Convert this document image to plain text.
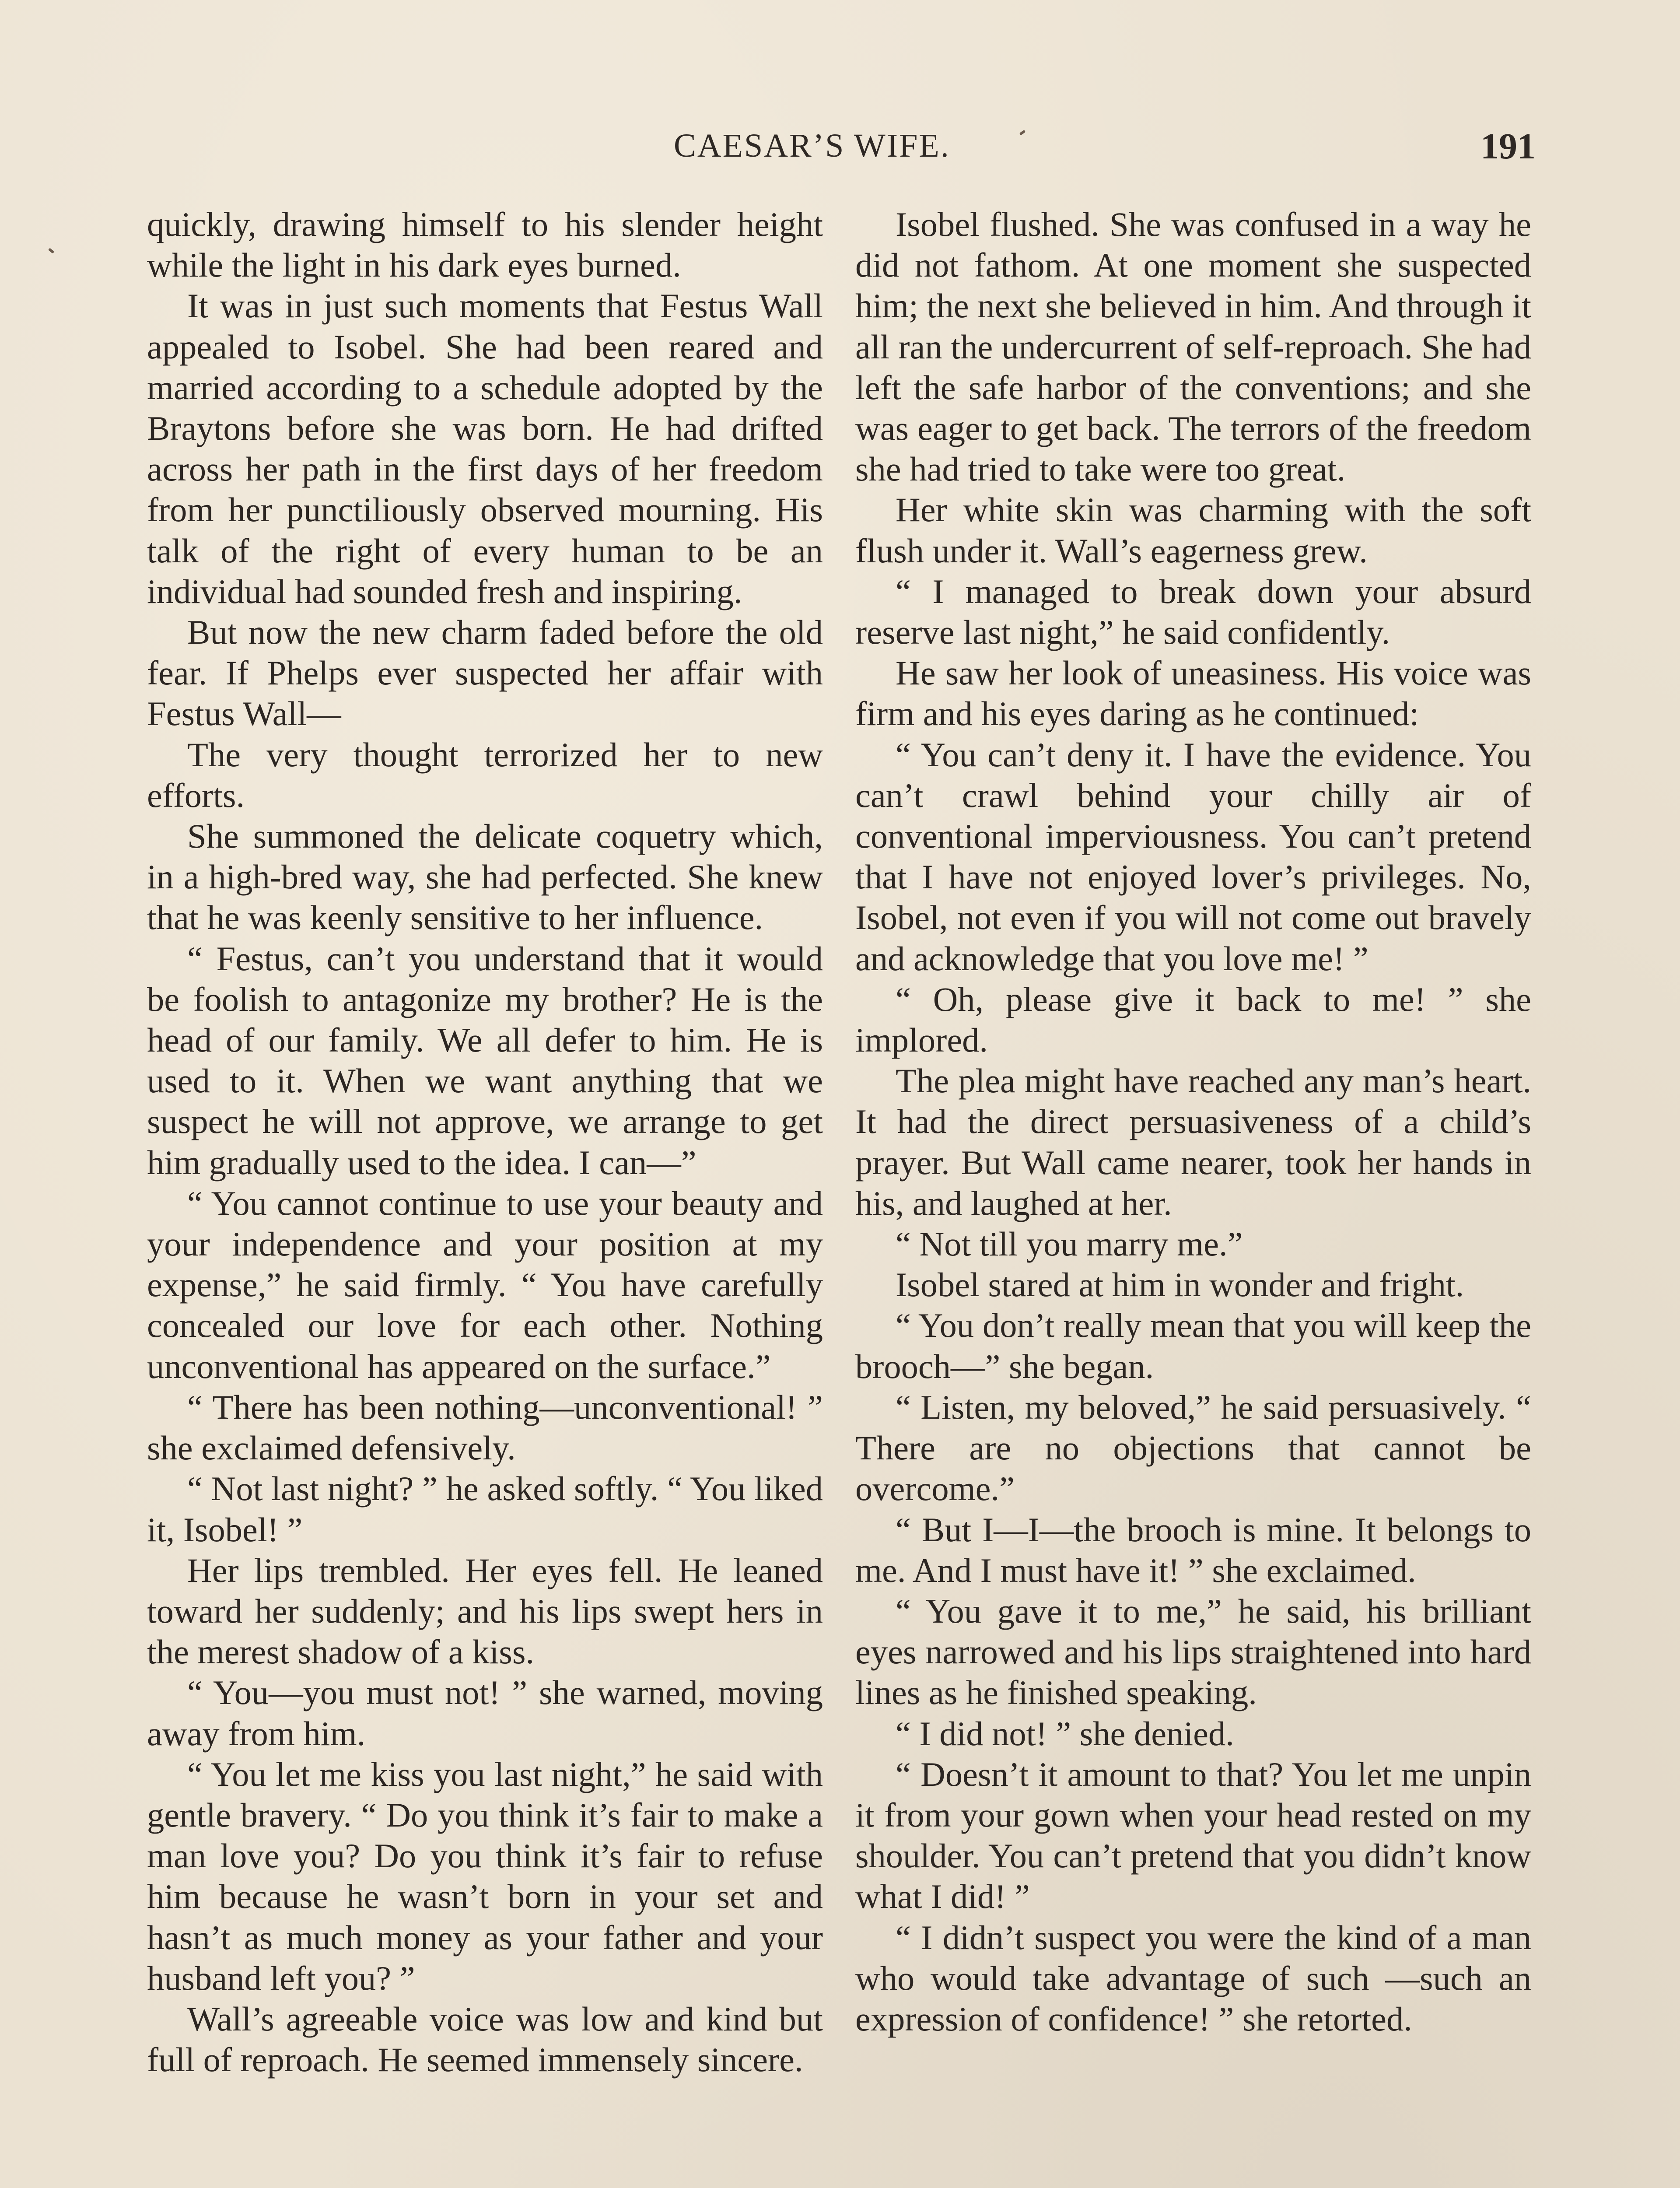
CAESAR’S WIFE.	191

quickly, drawing himself to his slender height while the light in his dark eyes burned.

It was in just such moments that Festus Wall appealed to Isobel. She had been reared and married according to a schedule adopted by the Braytons before she was born. He had drifted across her path in the first days of her freedom from her punctiliously observed mourning. His talk of the right of every human to be an individual had sounded fresh and inspiring.

But now the new charm faded before the old fear. If Phelps ever suspected her affair with Festus Wall—

The very thought terrorized her to new efforts.

She summoned the delicate coquetry which, in a high-bred way, she had perfected. She knew that he was keenly sensitive to her influence.

“ Festus, can’t you understand that it would be foolish to antagonize my brother? He is the head of our family. We all defer to him. He is used to it. When we want anything that we suspect he will not approve, we arrange to get him gradually used to the idea. I can—”

“ You cannot continue to use your beauty and your independence and your position at my expense,” he said firmly. “ You have carefully concealed our love for each other. Nothing unconventional has appeared on the surface.”

“ There has been nothing—unconventional! ” she exclaimed defensively.

“ Not last night? ” he asked softly. “ You liked it, Isobel! ”

Her lips trembled. Her eyes fell. He leaned toward her suddenly; and his lips swept hers in the merest shadow of a kiss.

“ You—you must not! ” she warned, moving away from him.

“ You let me kiss you last night,” he said with gentle bravery. “ Do you think it’s fair to make a man love you? Do you think it’s fair to refuse him because he wasn’t born in your set and hasn’t as much money as your father and your husband left you? ”

Wall’s agreeable voice was low and kind but full of reproach. He seemed immensely sincere.

Isobel flushed. She was confused in a way he did not fathom. At one moment she suspected him; the next she believed in him. And through it all ran the undercurrent of self-reproach. She had left the safe harbor of the conventions; and she was eager to get back. The terrors of the freedom she had tried to take were too great.

Her white skin was charming with the soft flush under it. Wall’s eagerness grew.

“ I managed to break down your absurd reserve last night,” he said confidently.

He saw her look of uneasiness. His voice was firm and his eyes daring as he continued:

“ You can’t deny it. I have the evidence. You can’t crawl behind your chilly air of conventional imperviousness. You can’t pretend that I have not enjoyed lover’s privileges. No, Isobel, not even if you will not come out bravely and acknowledge that you love me! ”

“ Oh, please give it back to me! ” she implored.

The plea might have reached any man’s heart. It had the direct persuasiveness of a child’s prayer. But Wall came nearer, took her hands in his, and laughed at her.

“ Not till you marry me.”

Isobel stared at him in wonder and fright.

“ You don’t really mean that you will keep the brooch—” she began.

“ Listen, my beloved,” he said persuasively. “ There are no objections that cannot be overcome.”

“ But I—I—the brooch is mine. It belongs to me. And I must have it! ” she exclaimed.

“ You gave it to me,” he said, his brilliant eyes narrowed and his lips straightened into hard lines as he finished speaking.

“ I did not! ” she denied.

“ Doesn’t it amount to that? You let me unpin it from your gown when your head rested on my shoulder. You can’t pretend that you didn’t know what I did! ”

“ I didn’t suspect you were the kind of a man who would take advantage of such —such an expression of confidence! ” she retorted.
